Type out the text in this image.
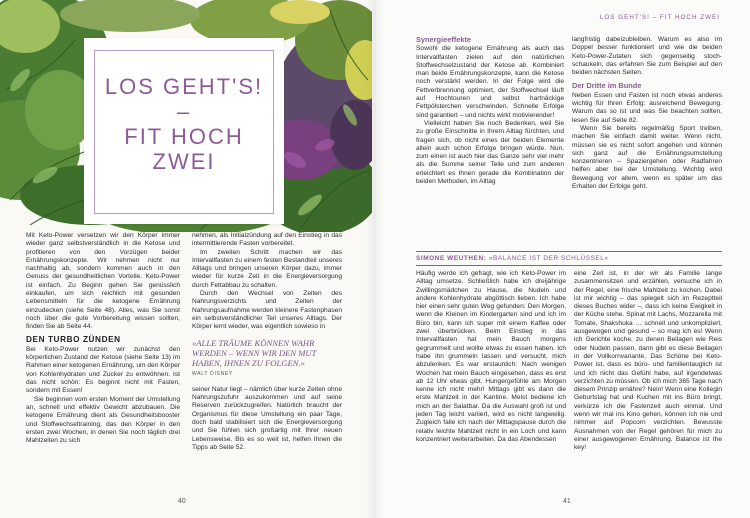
LOS GEHT'S!
–
FIT HOCH ZWEI

Mit Keto-Power versetzen wir den Körper immer wieder ganz selbstverständlich in die Ketose und profitieren von den Vorzügen beider Ernährungskonzepte. Wir nehmen nicht nur nachhaltig ab, sondern kommen auch in den Genuss der gesundheitlichen Vorteile. Keto-Power ist einfach. Zu Beginn gehen Sie genüsslich einkaufen, um sich reichlich mit gesunden Lebensmitteln für die ketogene Ernährung einzudecken (siehe Seite 48). Alles, was Sie sonst noch über die gute Vorbereitung wissen sollten, finden Sie ab Seite 44.

DEN TURBO ZÜNDEN

Bei Keto-Power nutzen wir zunächst den körperlichen Zustand der Ketose (siehe Seite 13) im Rahmen einer ketogenen Ernährung, um den Körper von Kohlenhydraten und Zucker zu entwöhnen. Ist das nicht schön: Es beginnt nicht mit Fasten, sondern mit Essen!

Sie beginnen vom ersten Moment der Umstellung an, schnell und effektiv Gewicht abzubauen. Die ketogene Ernährung dient als Gesundheitsbooster und Stoffwechseltraining, das den Körper in den ersten zwei Wochen, in denen Sie noch täglich drei Mahlzeiten zu sich

nehmen, als Initialzündung auf den Einstieg in das intermittierende Fasten vorbereitet.

Im zweiten Schritt machen wir das Intervallfasten zu einem festen Bestandteil unseres Alltags und bringen unseren Körper dazu, immer wieder für kurze Zeit in die Energieversorgung durch Fettabbau zu schalten.

Durch den Wechsel von Zeiten des Nahrungsverzichts und Zeiten der Nahrungsaufnahme werden kleinere Fastenphasen ein selbstverständlicher Teil unseres Alltags. Der Körper lernt wieder, was eigentlich sowieso in

»ALLE TRÄUME KÖNNEN WAHR WERDEN – WENN WIR DEN MUT HABEN, IHNEN ZU FOLGEN.«
WALT DISNEY

seiner Natur liegt – nämlich über kurze Zeiten ohne Nahrungszufuhr auszukommen und auf seine Reserven zurückzugreifen. Natürlich braucht der Organismus für diese Umstellung ein paar Tage, doch bald stabilisiert sich die Energieversorgung und Sie fühlen sich großartig mit Ihrer neuen Lebensweise. Bis es so weit ist, helfen Ihnen die Tipps ab Seite 52.

40
LOS GEHT'S! – FIT HOCH ZWEI
Synergieeffekte

Sowohl die ketogene Ernährung als auch das Intervallfasten zielen auf den natürlichen Stoffwechselzustand der Ketose ab. Kombiniert man beide Ernährungskonzepte, kann die Ketose noch verstärkt werden. In der Folge wird die Fettverbrennung optimiert, der Stoffwechsel läuft auf Hochtouren und selbst hartnäckige Fettpölsterchen verschwinden. Schnelle Erfolge sind garantiert – und nichts wirkt motivierender!

Vielleicht haben Sie noch Bedenken, weil Sie zu große Einschnitte in Ihrem Alltag fürchten, und fragen sich, ob nicht eines der beiden Elemente allein auch schon Erfolge bringen würde. Nun, zum einen ist auch hier das Ganze sehr viel mehr als die Summe seiner Teile und zum anderen erleichtert es Ihnen gerade die Kombination der beiden Methoden, im Alltag

langfristig dabeizubleiben. Warum es also im Doppel besser funktioniert und wie die beiden Keto-Power-Zutaten sich gegenseitig stoch-schaukeln, das erfahren Sie zum Beispiel auf den beiden nächsten Seiten.

Der Dritte im Bunde

Neben Essen und Fasten ist noch etwas anderes wichtig für Ihren Erfolg: ausreichend Bewegung. Warum das so ist und was Sie beachten sollten, lesen Sie auf Seite 82.

Wenn Sie bereits regelmäßig Sport treiben, machen Sie einfach damit weiter. Wenn nicht, müssen sie es nicht sofort angehen und können sich ganz auf die Ernährungsumstellung konzentrieren – Spaziergehen oder Radfahren helfen aber bei der Umstellung. Wichtig wird Bewegung vor allem, wenn es später um das Erhalten der Erfolge geht.

SIMONE WEUTHEN: »BALANCE IST DER SCHLÜSSEL«

Häufig werde ich gefragt, wie ich Keto-Power im Alltag umsetze. Schließlich habe ich dreijährige Zwillingsmädchen zu Hause, die Nudeln und andere Kohlenhydrate abgöttisch lieben. Ich habe hier einen sehr guten Weg gefunden: Den Morgen, wenn die Kleinen im Kindergarten sind und ich im Büro bin, kann ich super mit einem Kaffee oder zwei überbrücken. Beim Einstieg in das Intervallfasten hat mein Bauch morgens gegrummelt und wollte etwas zu essen haben. Ich habe ihn grummeln lassen und versucht, mich abzulenken. Es war erstaunlich: Nach wenigen Wochen hat mein Bauch eingesehen, dass es erst ab 12 Uhr etwas gibt. Hungergefühle am Morgen kenne ich nicht mehr! Mittags gibt es dann die erste Mahlzeit in der Kantine. Meist bediene ich mich an der Salatbar. Da die Auswahl groß ist und jeden Tag leicht variiert, wird es nicht langweilig. Zugleich falle ich nach der Mittagspause durch die relativ leichte Mahlzeit nicht in ein Loch und kann konzentriert weiterarbeiten. Da das Abendessen

eine Zeit ist, in der wir als Familie lange zusammensitzen und erzählen, versuche ich in der Regel, eine frische Mahlzeit zu kochen. Dabei ist mir wichtig – das spiegelt sich im Rezeptteil dieses Buches wider –, dass ich keine Ewigkeit in der Küche stehe. Spinat mit Lachs, Mozzarella mit Tomate, Shakshuka … schnell und unkompliziert, ausgewogen und gesund – so mag ich es! Wenn ich Gerichte koche, zu denen Beilagen wie Reis oder Nudeln passen, dann gibt es diese Beilagen in der Vollkornvariante. Das Schöne bei Keto-Power ist, dass es büro- und familientauglich ist und ich nicht das Gefühl habe, auf irgendetwas verzichten zu müssen. Ob ich mich 365 Tage nach diesem Prinzip ernähre? Nein! Wenn eine Kollegin Geburtstag hat und Kuchen mit ins Büro bringt, verkürze ich die Fastenzeit auch einmal. Und wenn wir mal ins Kino gehen, können ich nie und nimmer auf Popcorn verzichten. Bewusste Ausnahmen von der Regel gehören für mich zu einer ausgewogenen Ernährung. Balance ist the key!

41
